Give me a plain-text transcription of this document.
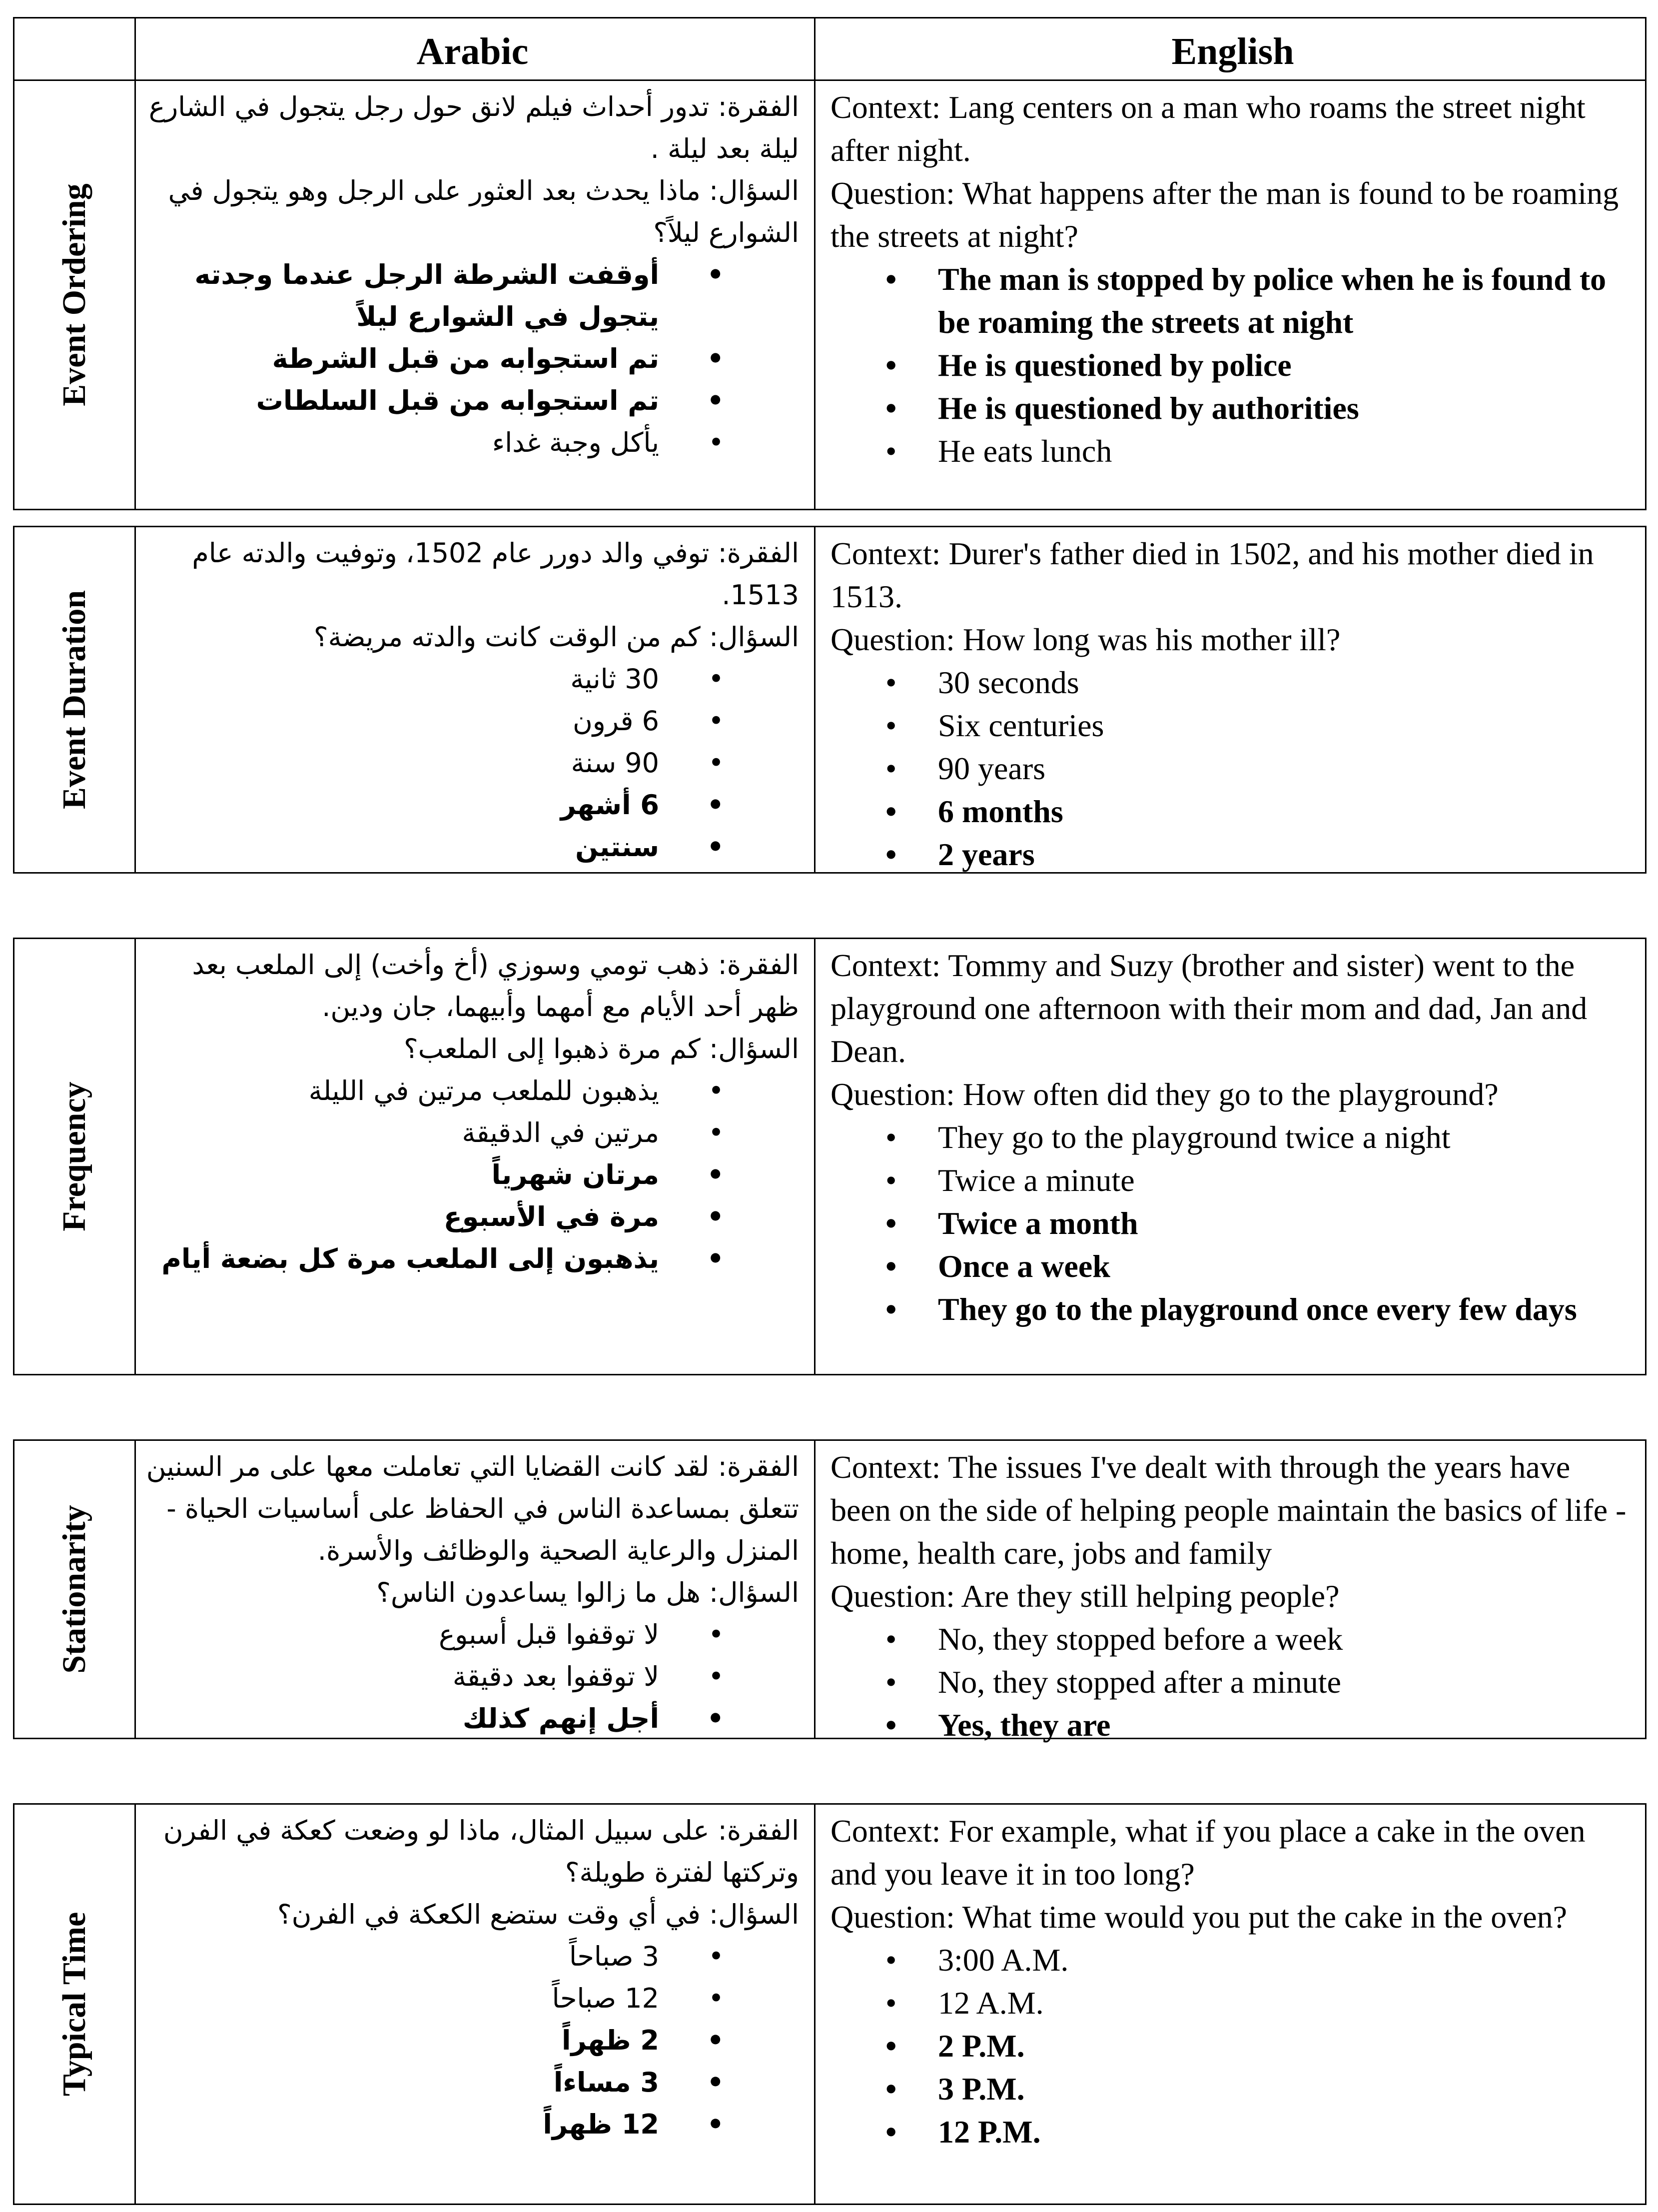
Arabic	English
Event Ordering

الفقرة: تدور أحداث فيلم لانق حول رجل يتجول في الشارع ليلة بعد ليلة .

السؤال: ماذا يحدث بعد العثور على الرجل وهو يتجول في الشوارع ليلاً؟

• أوقفت الشرطة الرجل عندما وجدته يتجول في الشوارع ليلاً
• تم استجوابه من قبل الشرطة
• تم استجوابه من قبل السلطات
• يأكل وجبة غداء

Context: Lang centers on a man who roams the street night after night.

Question: What happens after the man is found to be roaming the streets at night?

• The man is stopped by police when he is found to be roaming the streets at night
• He is questioned by police
• He is questioned by authorities
• He eats lunch
Event Duration

الفقرة: توفي والد دورر عام 1502، وتوفيت والدته عام 1513.

السؤال: كم من الوقت كانت والدته مريضة؟

• 30 ثانية
• 6 قرون
• 90 سنة
• 6 أشهر
• سنتين

Context: Durer's father died in 1502, and his mother died in 1513.

Question: How long was his mother ill?

• 30 seconds
• Six centuries
• 90 years
• 6 months
• 2 years
Frequency

الفقرة: ذهب تومي وسوزي (أخ وأخت) إلى الملعب بعد ظهر أحد الأيام مع أمهما وأبيهما، جان ودين.

السؤال: كم مرة ذهبوا إلى الملعب؟

• يذهبون للملعب مرتين في الليلة
• مرتين في الدقيقة
• مرتان شهرياً
• مرة في الأسبوع
• يذهبون إلى الملعب مرة كل بضعة أيام

Context: Tommy and Suzy (brother and sister) went to the playground one afternoon with their mom and dad, Jan and Dean.

Question: How often did they go to the playground?

• They go to the playground twice a night
• Twice a minute
• Twice a month
• Once a week
• They go to the playground once every few days
Stationarity

الفقرة: لقد كانت القضايا التي تعاملت معها على مر السنين تتعلق بمساعدة الناس في الحفاظ على أساسيات الحياة - المنزل والرعاية الصحية والوظائف والأسرة.

السؤال: هل ما زالوا يساعدون الناس؟

• لا توقفوا قبل أسبوع
• لا توقفوا بعد دقيقة
• أجل إنهم كذلك

Context: The issues I've dealt with through the years have been on the side of helping people maintain the basics of life - home, health care, jobs and family

Question: Are they still helping people?

• No, they stopped before a week
• No, they stopped after a minute
• Yes, they are
Typical Time

الفقرة: على سبيل المثال، ماذا لو وضعت كعكة في الفرن وتركتها لفترة طويلة؟

السؤال: في أي وقت ستضع الكعكة في الفرن؟

• 3 صباحاً
• 12 صباحاً
• 2 ظهراً
• 3 مساءاً
• 12 ظهراً

Context: For example, what if you place a cake in the oven and you leave it in too long?

Question: What time would you put the cake in the oven?

• 3:00 A.M.
• 12 A.M.
• 2 P.M.
• 3 P.M.
• 12 P.M.
